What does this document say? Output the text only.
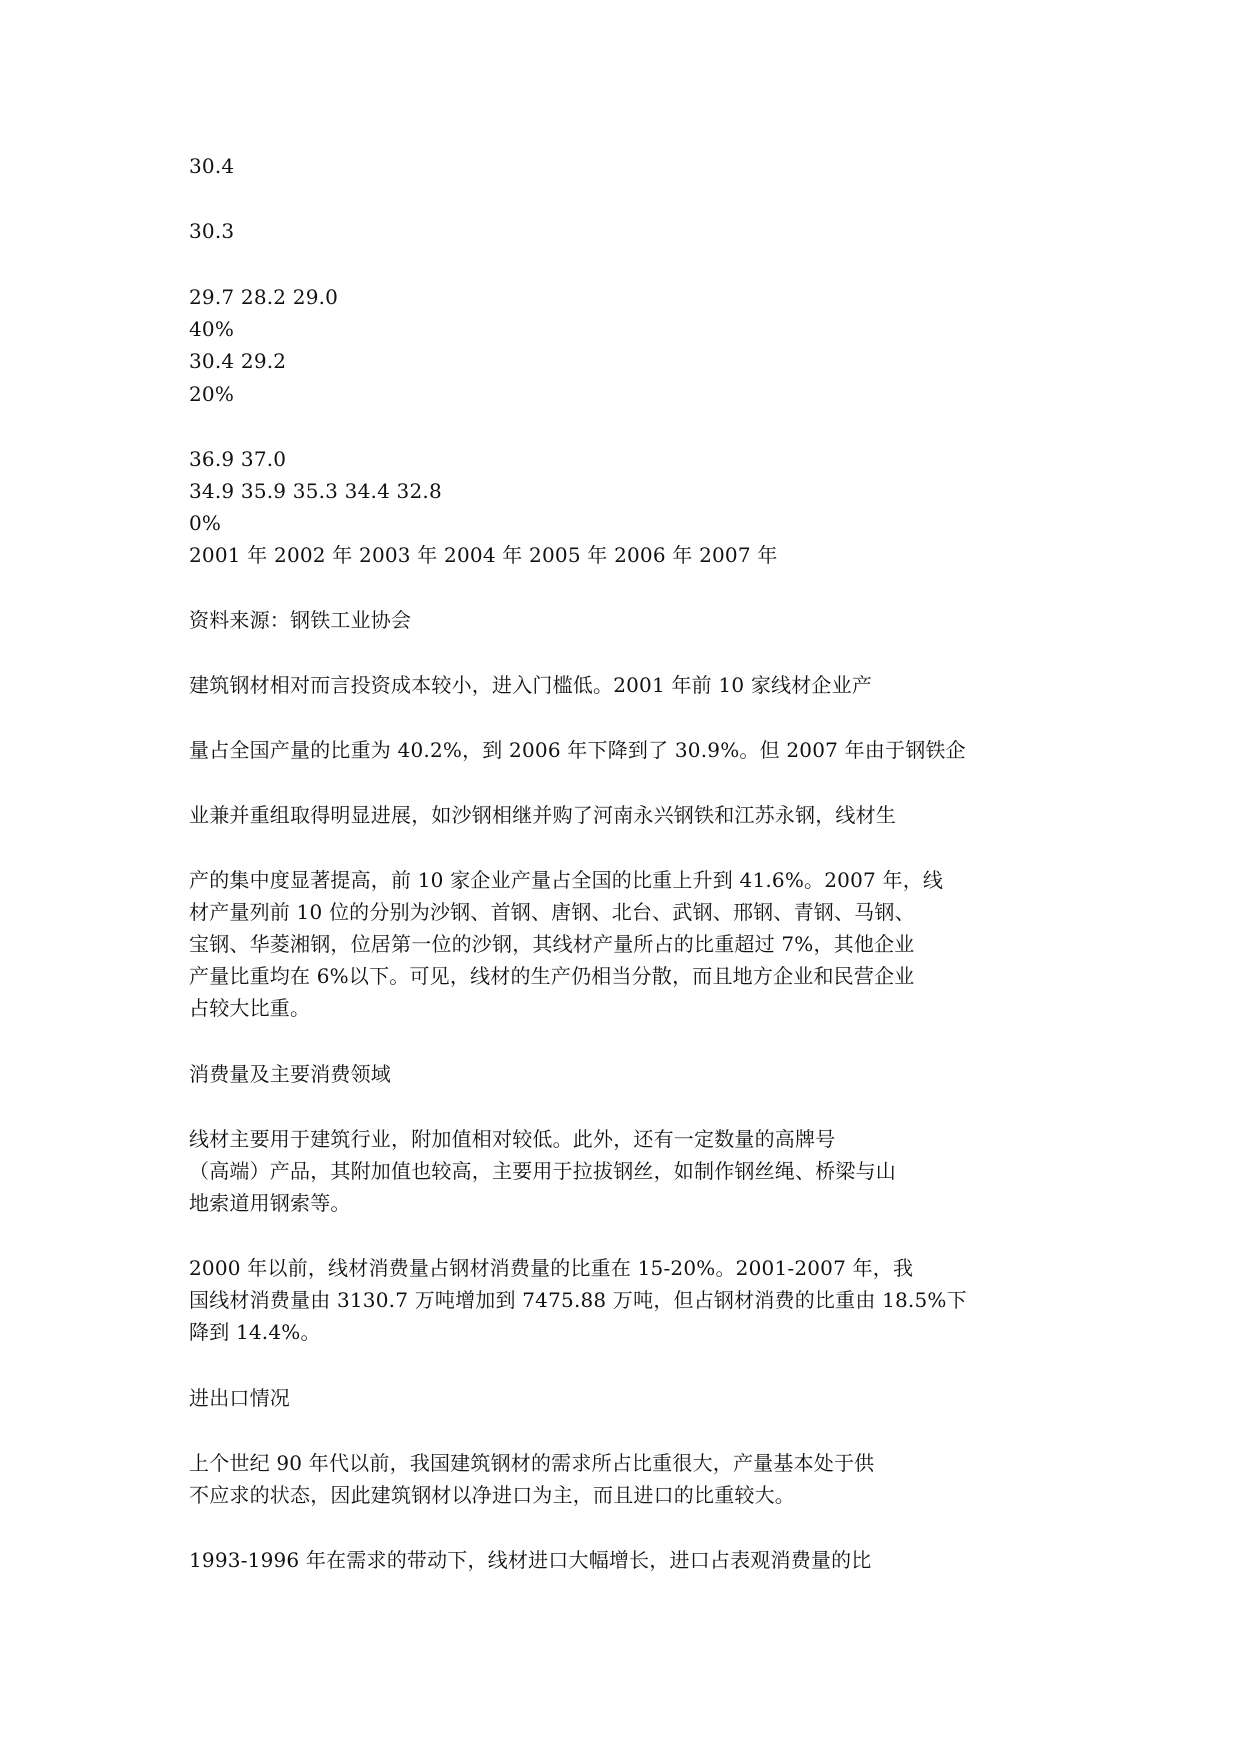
30.4
30.3
29.7 28.2 29.0
40%
30.4 29.2
20%
36.9 37.0
34.9 35.9 35.3 34.4 32.8
0%
2001 年 2002 年 2003 年 2004 年 2005 年 2006 年 2007 年
资料来源：钢铁工业协会
建筑钢材相对而言投资成本较小，进入门槛低。2001 年前 10 家线材企业产
量占全国产量的比重为 40.2%，到 2006 年下降到了 30.9%。但 2007 年由于钢铁企
业兼并重组取得明显进展，如沙钢相继并购了河南永兴钢铁和江苏永钢，线材生
产的集中度显著提高，前 10 家企业产量占全国的比重上升到 41.6%。2007 年，线
材产量列前 10 位的分别为沙钢、首钢、唐钢、北台、武钢、邢钢、青钢、马钢、
宝钢、华菱湘钢，位居第一位的沙钢，其线材产量所占的比重超过 7%，其他企业
产量比重均在 6%以下。可见，线材的生产仍相当分散，而且地方企业和民营企业
占较大比重。
消费量及主要消费领域
线材主要用于建筑行业，附加值相对较低。此外，还有一定数量的高牌号
（高端）产品，其附加值也较高，主要用于拉拔钢丝，如制作钢丝绳、桥梁与山
地索道用钢索等。
2000 年以前，线材消费量占钢材消费量的比重在 15-20%。2001-2007 年，我
国线材消费量由 3130.7 万吨增加到 7475.88 万吨，但占钢材消费的比重由 18.5%下
降到 14.4%。
进出口情况
上个世纪 90 年代以前，我国建筑钢材的需求所占比重很大，产量基本处于供
不应求的状态，因此建筑钢材以净进口为主，而且进口的比重较大。
1993-1996 年在需求的带动下，线材进口大幅增长，进口占表观消费量的比
